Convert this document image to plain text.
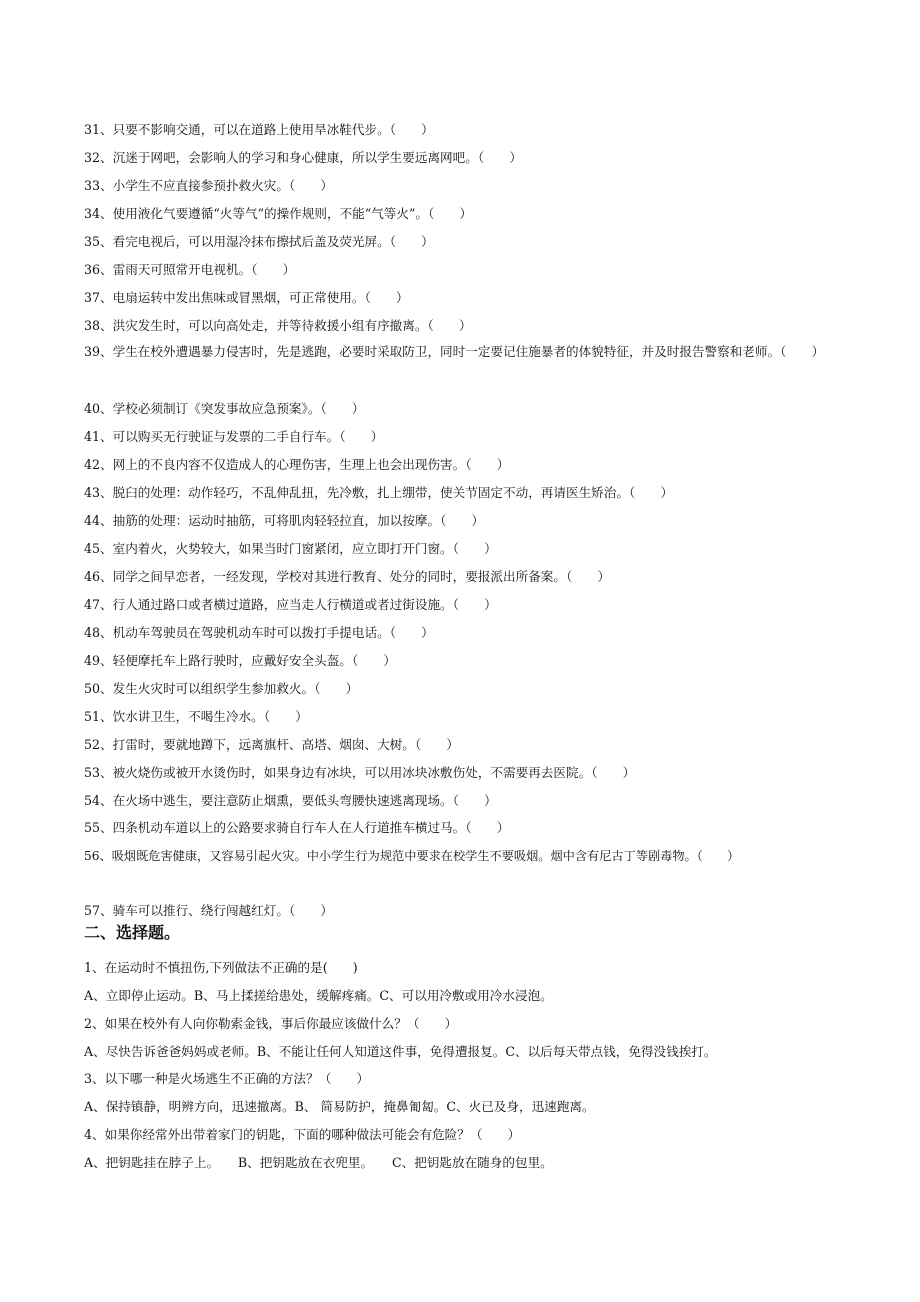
31、只要不影响交通，可以在道路上使用旱冰鞋代步。（　　）
32、沉迷于网吧，会影响人的学习和身心健康，所以学生要远离网吧。（　　）
33、小学生不应直接参预扑救火灾。（　　）
34、使用液化气要遵循“火等气”的操作规则，不能“气等火”。（　　）
35、看完电视后，可以用湿冷抹布擦拭后盖及荧光屏。（　　）
36、雷雨天可照常开电视机。（　　）
37、电扇运转中发出焦味或冒黑烟，可正常使用。（　　）
38、洪灾发生时，可以向高处走，并等待救援小组有序撤离。（　　）
39、学生在校外遭遇暴力侵害时，先是逃跑，必要时采取防卫，同时一定要记住施暴者的体貌特征，并及时报告警察和老师。（　　）
40、学校必须制订《突发事故应急预案》。（　　）
41、可以购买无行驶证与发票的二手自行车。（　　）
42、网上的不良内容不仅造成人的心理伤害，生理上也会出现伤害。（　　）
43、脱臼的处理：动作轻巧，不乱伸乱扭，先冷敷，扎上绷带，使关节固定不动，再请医生矫治。（　　）
44、抽筋的处理：运动时抽筋，可将肌肉轻轻拉直，加以按摩。（　　）
45、室内着火，火势较大，如果当时门窗紧闭，应立即打开门窗。（　　）
46、同学之间早恋者，一经发现，学校对其进行教育、处分的同时，要报派出所备案。（　　）
47、行人通过路口或者横过道路，应当走人行横道或者过街设施。（　　）
48、机动车驾驶员在驾驶机动车时可以拨打手提电话。（　　）
49、轻便摩托车上路行驶时，应戴好安全头盔。（　　）
50、发生火灾时可以组织学生参加救火。（　　）
51、饮水讲卫生，不喝生冷水。（　　）
52、打雷时，要就地蹲下，远离旗杆、高塔、烟囱、大树。（　　）
53、被火烧伤或被开水烫伤时，如果身边有冰块，可以用冰块冰敷伤处，不需要再去医院。（　　）
54、在火场中逃生，要注意防止烟熏，要低头弯腰快速逃离现场。（　　）
55、四条机动车道以上的公路要求骑自行车人在人行道推车横过马。（　　）
56、吸烟既危害健康，又容易引起火灾。中小学生行为规范中要求在校学生不要吸烟。烟中含有尼古丁等剧毒物。（　　）
57、骑车可以推行、绕行闯越红灯。（　　）
二、选择题。
1、在运动时不慎扭伤,下列做法不正确的是(　　)
A、立即停止运动。B、马上揉搓给患处，缓解疼痛。C、可以用冷敷或用冷水浸泡。
2、如果在校外有人向你勒索金钱，事后你最应该做什么？（　　）
A、尽快告诉爸爸妈妈或老师。B、不能让任何人知道这件事，免得遭报复。C、以后每天带点钱，免得没钱挨打。
3、以下哪一种是火场逃生不正确的方法？（　　）
A、保持镇静，明辨方向，迅速撤离。B、 简易防护，掩鼻匍匐。C、火已及身，迅速跑离。
4、如果你经常外出带着家门的钥匙，下面的哪种做法可能会有危险？（　　）
A、把钥匙挂在脖子上。　　B、把钥匙放在衣兜里。　　C、把钥匙放在随身的包里。
